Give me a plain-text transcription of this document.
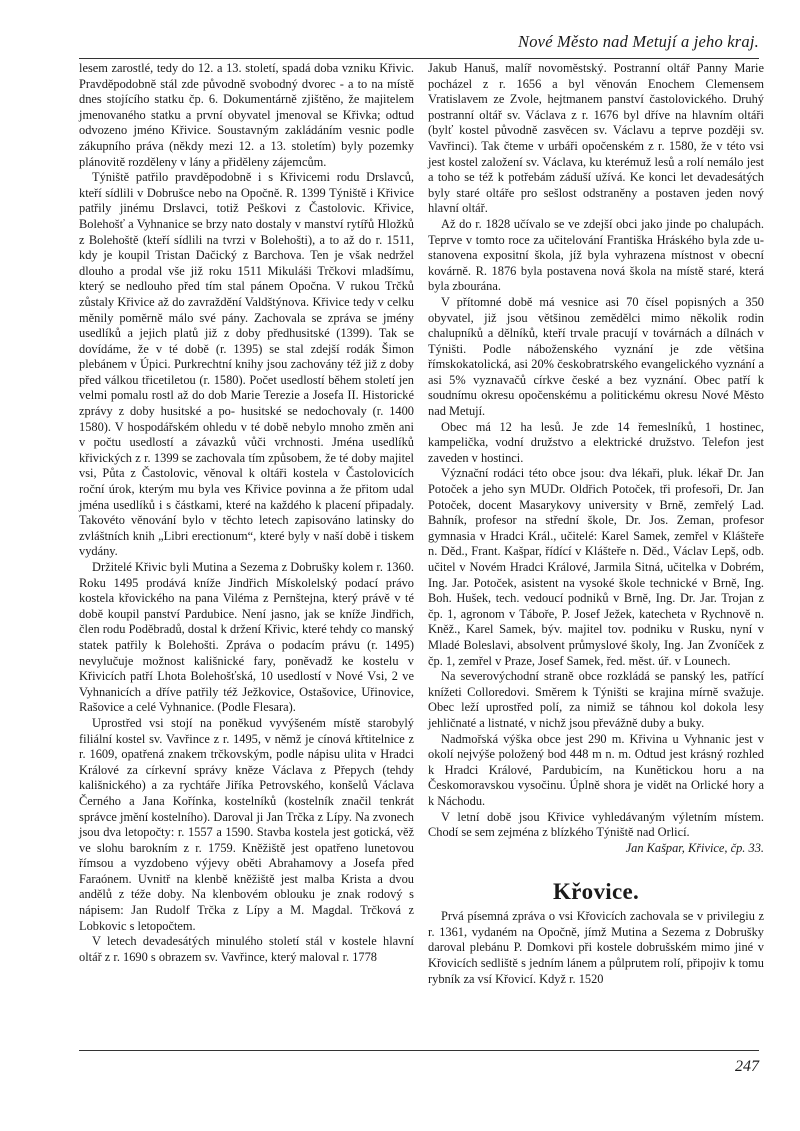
Nové Město nad Metují a jeho kraj.

lesem zarostlé, tedy do 12. a 13. století, spadá doba vzniku Křivic. Pravděpodobně stál zde původně svobodný dvorec - a to na místě dnes stojícího statku čp. 6. Dokumentárně zjištěno, že majitelem jmenovaného statku a první obyvatel jmenoval se Křivka; odtud odvozeno jméno Křivice. Soustavným zakládáním vesnic podle zákupního práva (někdy mezi 12. a 13. stoletím) byly pozemky plánovitě rozděleny v lány a přiděleny zájemcům.

Týniště patřilo pravděpodobně i s Křivicemi rodu Drslavců, kteří sídlili v Dobrušce nebo na Opočně. R. 1399 Týniště i Křivice patřily jinému Drslavci, totiž Peškovi z Častolovic. Křivice, Bolehošť a Vyhnanice se brzy nato dostaly v manství rytířů Hložků z Bolehoště (kteří sídlili na tvrzi v Bolehošti), a to až do r. 1511, kdy je koupil Tristan Dačický z Barchova. Ten je však nedržel dlouho a prodal vše již roku 1511 Mikuláši Trčkovi mladšímu, který se nedlouho před tím stal pánem Opočna. V rukou Trčků zůstaly Křivice až do zavraždění Valdštýnova. Křivice tedy v celku měnily poměrně málo své pány. Zachovala se zpráva se jmény usedlíků a jejich platů již z doby předhusitské (1399). Tak se dovídáme, že v té době (r. 1395) se stal zdejší rodák Šimon plebánem v Úpici. Purkrechtní knihy jsou zachovány též již z doby před válkou třicetiletou (r. 1580). Počet usedlostí během století jen velmi pomalu rostl až do dob Marie Terezie a Josefa II. Historické zprávy z doby husitské a po- husitské se nedochovaly (r. 1400 1580). V hospodářském ohledu v té době nebylo mnoho změn ani v počtu usedlostí a závazků vůči vrchnosti. Jména usedlíků křivických z r. 1399 se zachovala tím způsobem, že té doby majitel vsi, Půta z Častolovic, věnoval k oltáři kostela v Častolovicích roční úrok, kterým mu byla ves Křivice povinna a že přitom udal jména usedlíků i s částkami, které na každého k placení připadaly. Takovéto věnování bylo v těchto letech zapisováno latinsky do zvláštních knih „Libri erectionum“, které byly v naší době i tiskem vydány.

Držitelé Křivic byli Mutina a Sezema z Dobrušky kolem r. 1360. Roku 1495 prodává kníže Jindřich Mískolelský podací právo kostela křovického na pana Viléma z Pernštejna, který právě v té době koupil panství Pardubice. Není jasno, jak se kníže Jindřich, člen rodu Poděbradů, dostal k držení Křivic, které tehdy co manský statek patřily k Bolehošti. Zpráva o podacím právu (r. 1495) nevylučuje možnost kališnické fary, poněvadž ke kostelu v Křivicích patří Lhota Bolehošťská, 10 usedlostí v Nové Vsi, 2 ve Vyhnanicích a dříve patřily též Ježkovice, Ostašovice, Uřinovice, Rašovice a celé Vyhnanice. (Podle Flesara).

Uprostřed vsi stojí na poněkud vyvýšeném místě starobylý filiální kostel sv. Vavřince z r. 1495, v němž je cínová křtitelnice z r. 1609, opatřená znakem trčkovským, podle nápisu ulita v Hradci Králové za církevní správy kněze Václava z Přepych (tehdy kališnického) a za rychtáře Jiříka Petrovského, konšelů Václava Černého a Jana Kořínka, kostelníků (kostelník značil tenkrát správce jmění kostelního). Daroval ji Jan Trčka z Lípy. Na zvonech jsou dva letopočty: r. 1557 a 1590. Stavba kostela jest gotická, věž ve slohu barokním z r. 1759. Kněžiště jest opatřeno lunetovou římsou a vyzdobeno výjevy oběti Abrahamovy a Josefa před Faraónem. Uvnitř na klenbě kněžiště jest malba Krista a dvou andělů z téže doby. Na klenbovém oblouku je znak rodový s nápisem: Jan Rudolf Trčka z Lípy a M. Magdal. Trčková z Lobkovic s letopočtem.

V letech devadesátých minulého století stál v kostele hlavní oltář z r. 1690 s obrazem sv. Vavřince, který maloval r. 1778

Jakub Hanuš, malíř novoměstský. Postranní oltář Panny Marie pocházel z r. 1656 a byl věnován Enochem Clemensem Vratislavem ze Zvole, hejtmanem panství častolovického. Druhý postranní oltář sv. Václava z r. 1676 byl dříve na hlavním oltáři (bylť kostel původně zasvěcen sv. Václavu a teprve později sv. Vavřinci). Tak čteme v urbáři opočenském z r. 1580, že v této vsi jest kostel založení sv. Václava, ku kterémuž lesů a rolí nemálo jest a toho se též k potřebám záduší užívá. Ke konci let devadesátých byly staré oltáře pro sešlost odstraněny a postaven jeden nový hlavní oltář.

Až do r. 1828 učívalo se ve zdejší obci jako jinde po chalupách. Teprve v tomto roce za učitelování Františka Hráského byla zde u- stanovena expositní škola, jíž byla vyhrazena místnost v obecní kovárně. R. 1876 byla postavena nová škola na místě staré, která byla zbourána.

V přítomné době má vesnice asi 70 čísel popisných a 350 obyvatel, již jsou většinou zemědělci mimo několik rodin chalupníků a dělníků, kteří trvale pracují v továrnách a dílnách v Týništi. Podle náboženského vyznání je zde většina římskokatolická, asi 20% českobratrského evangelického vyznání a asi 5% vyznavačů církve české a bez vyznání. Obec patří k soudnímu okresu opočenskému a politickému okresu Nové Město nad Metují.

Obec má 12 ha lesů. Je zde 14 řemeslníků, 1 hostinec, kampelička, vodní družstvo a elektrické družstvo. Telefon jest zaveden v hostinci.

Význační rodáci této obce jsou: dva lékaři, pluk. lékař Dr. Jan Potoček a jeho syn MUDr. Oldřich Potoček, tři profesoři, Dr. Jan Potoček, docent Masarykovy university v Brně, zemřelý Lad. Bahník, profesor na střední škole, Dr. Jos. Zeman, profesor gymnasia v Hradci Král., učitelé: Karel Samek, zemřel v Klášteře n. Děd., Frant. Kašpar, řídící v Klášteře n. Děd., Václav Lepš, odb. učitel v Novém Hradci Králové, Jarmila Sitná, učitelka v Dobrém, Ing. Jar. Potoček, asistent na vysoké škole technické v Brně, Ing. Boh. Hušek, tech. vedoucí podniků v Brně, Ing. Dr. Jar. Trojan z čp. 1, agronom v Táboře, P. Josef Ježek, katecheta v Rychnově n. Kněž., Karel Samek, býv. majitel tov. podniku v Rusku, nyní v Mladé Boleslavi, absolvent průmyslové školy, Ing. Jan Zvoníček z čp. 1, zemřel v Praze, Josef Samek, řed. měst. úř. v Lounech.

Na severovýchodní straně obce rozkládá se panský les, patřící knížeti Colloredovi. Směrem k Týništi se krajina mírně svažuje. Obec leží uprostřed polí, za nimiž se táhnou kol dokola lesy jehličnaté a listnaté, v nichž jsou převážně duby a buky.

Nadmořská výška obce jest 290 m. Křivina u Vyhnanic jest v okolí nejvýše položený bod 448 m n. m. Odtud jest krásný rozhled k Hradci Králové, Pardubicím, na Kunětickou horu a na Českomoravskou vysočinu. Úplně shora je vidět na Orlické hory a k Náchodu.

V letní době jsou Křivice vyhledávaným výletním místem. Chodí se sem zejména z blízkého Týniště nad Orlicí.

Jan Kašpar, Křivice, čp. 33.

Křovice.

Prvá písemná zpráva o vsi Křovicích zachovala se v privilegiu z r. 1361, vydaném na Opočně, jímž Mutina a Sezema z Dobrušky daroval plebánu P. Domkovi při kostele dobrušském mimo jiné v Křovicích sedliště s jedním lánem a půlprutem rolí, připojiv k tomu rybník za vsí Křovicí. Když r. 1520

247
